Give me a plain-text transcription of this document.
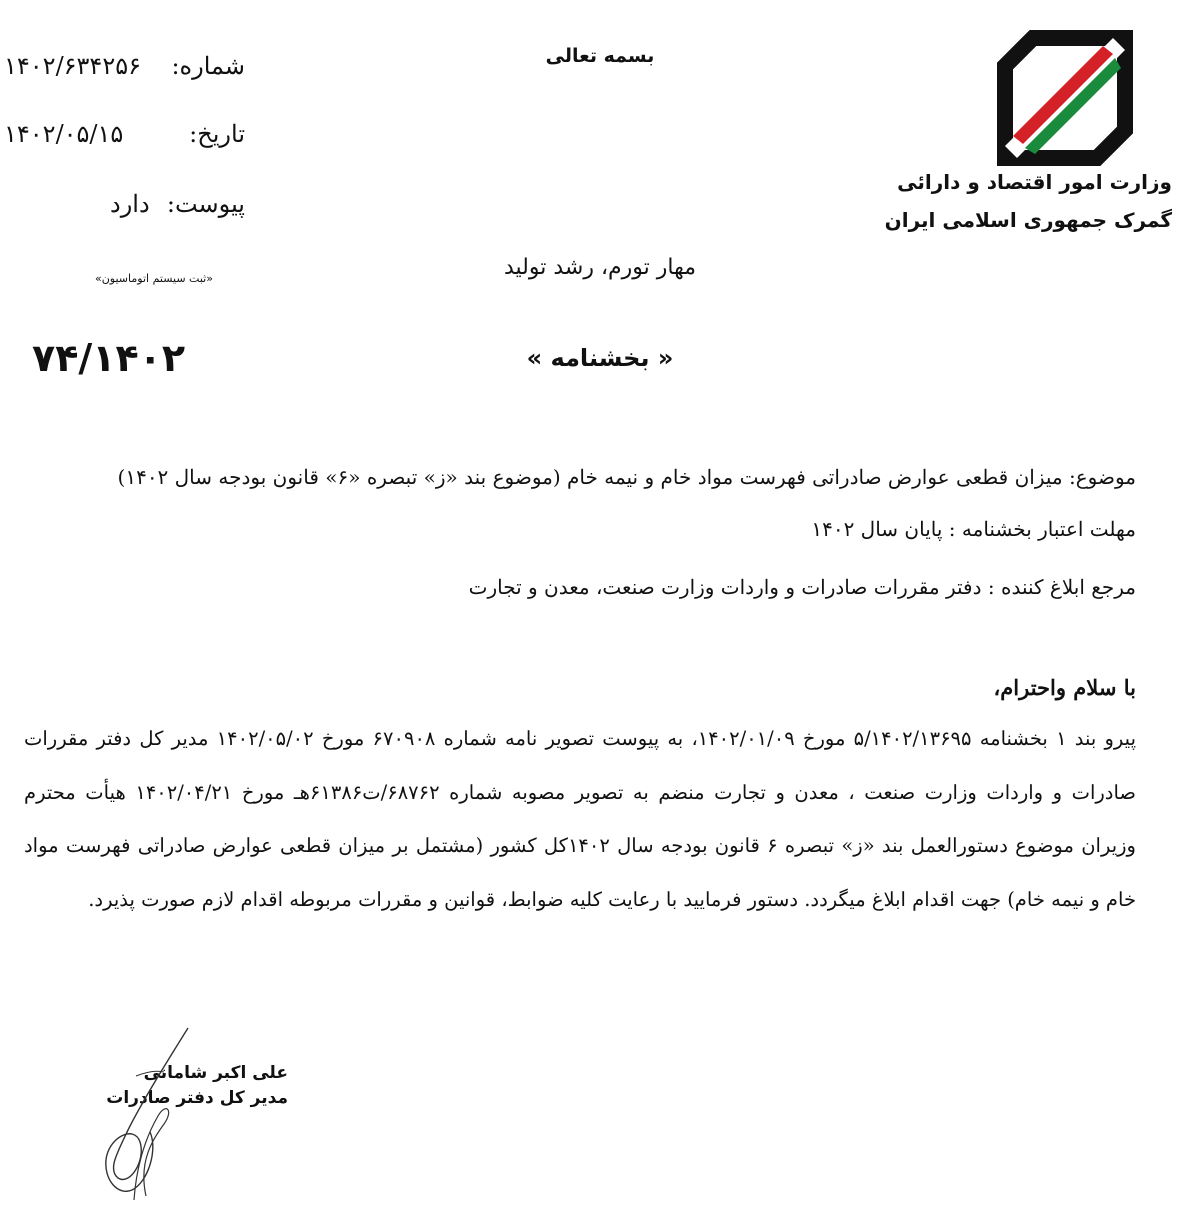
وزارت امور اقتصاد و دارائی
گمرک جمهوری اسلامی ایران
بسمه تعالی
شماره:
۱۴۰۲/۶۳۴۲۵۶
تاریخ:
۱۴۰۲/۰۵/۱۵
پیوست:
دارد
«ثبت سیستم اتوماسیون»	مهار تورم، رشد تولید
« بخشنامه »
۷۴/۱۴۰۲
موضوع: میزان قطعی عوارض صادراتی فهرست مواد خام و نیمه خام (موضوع بند «ز» تبصره «۶» قانون بودجه سال ۱۴۰۲)
مهلت اعتبار بخشنامه : پایان سال ۱۴۰۲
مرجع ابلاغ کننده : دفتر مقررات صادرات و واردات وزارت صنعت، معدن و تجارت
با سلام واحترام،
پیرو بند ۱ بخشنامه ۵/۱۴۰۲/۱۳۶۹۵ مورخ ۱۴۰۲/۰۱/۰۹، به پیوست تصویر نامه شماره ۶۷۰۹۰۸ مورخ ۱۴۰۲/۰۵/۰۲ مدیر کل دفتر مقررات صادرات و واردات وزارت صنعت ، معدن و تجارت منضم به تصویر مصوبه شماره ۶۸۷۶۲/ت۶۱۳۸۶هـ مورخ ۱۴۰۲/۰۴/۲۱ هیأت محترم وزیران موضوع دستورالعمل بند «ز» تبصره ۶ قانون بودجه سال ۱۴۰۲کل کشور (مشتمل بر میزان قطعی عوارض صادراتی فهرست مواد خام و نیمه خام) جهت اقدام ابلاغ میگردد. دستور فرمایید با رعایت کلیه ضوابط، قوانین و مقررات مربوطه اقدام لازم صورت پذیرد.
علی اکبر شامانی
مدیر کل دفتر صادرات
